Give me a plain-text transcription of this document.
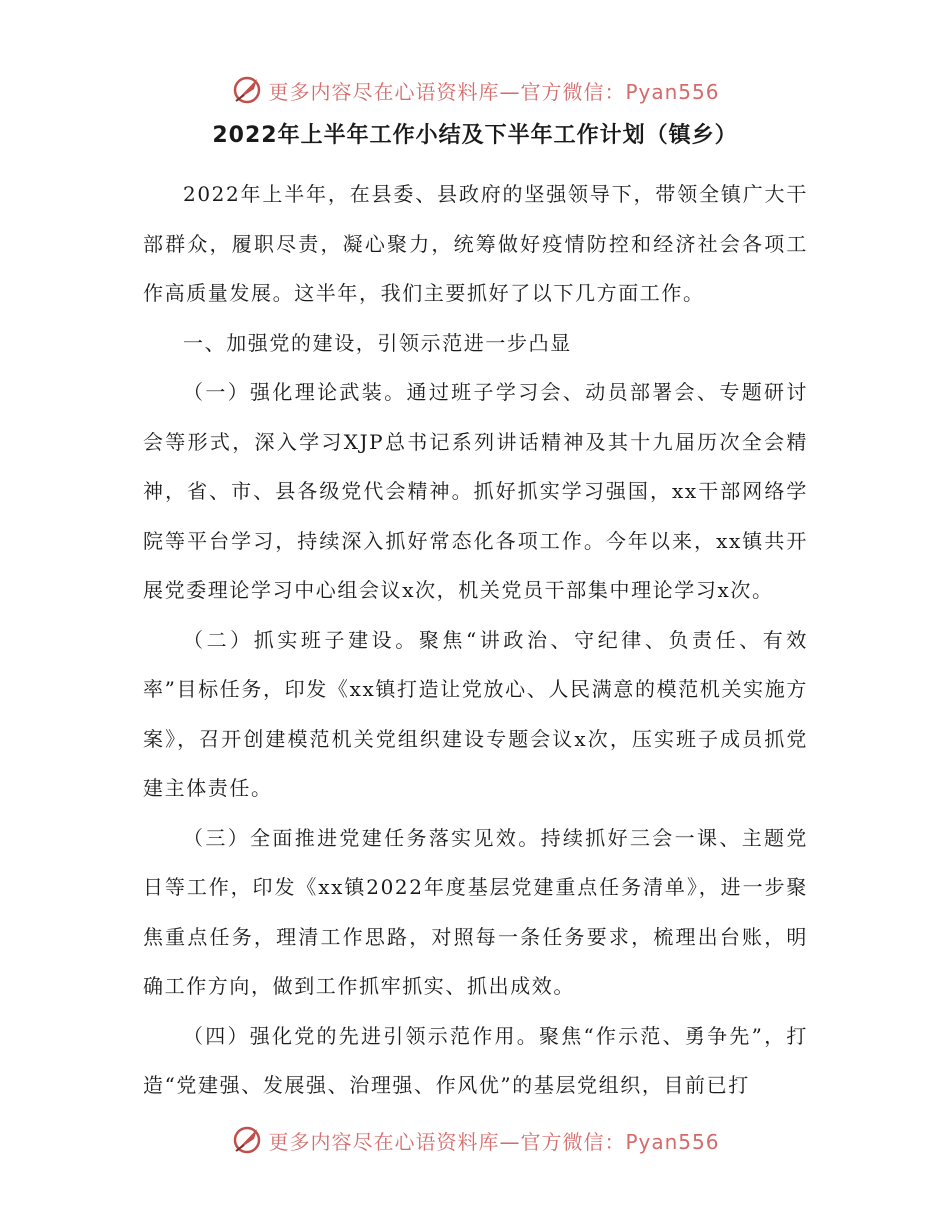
更多内容尽在心语资料库—官方微信：Pyan556
2022年上半年工作小结及下半年工作计划（镇乡）

2022年上半年，在县委、县政府的坚强领导下，带领全镇广大干部群众，履职尽责，凝心聚力，统筹做好疫情防控和经济社会各项工作高质量发展。这半年，我们主要抓好了以下几方面工作。

一、加强党的建设，引领示范进一步凸显

（一）强化理论武装。通过班子学习会、动员部署会、专题研讨会等形式，深入学习XJP总书记系列讲话精神及其十九届历次全会精神，省、市、县各级党代会精神。抓好抓实学习强国，xx干部网络学院等平台学习，持续深入抓好常态化各项工作。今年以来，xx镇共开展党委理论学习中心组会议x次，机关党员干部集中理论学习x次。

（二）抓实班子建设。聚焦“讲政治、守纪律、负责任、有效率”目标任务，印发《xx镇打造让党放心、人民满意的模范机关实施方案》，召开创建模范机关党组织建设专题会议x次，压实班子成员抓党建主体责任。

（三）全面推进党建任务落实见效。持续抓好三会一课、主题党日等工作，印发《xx镇2022年度基层党建重点任务清单》，进一步聚焦重点任务，理清工作思路，对照每一条任务要求，梳理出台账，明确工作方向，做到工作抓牢抓实、抓出成效。

（四）强化党的先进引领示范作用。聚焦“作示范、勇争先”，打造“党建强、发展强、治理强、作风优”的基层党组织，目前已打

更多内容尽在心语资料库—官方微信：Pyan556
